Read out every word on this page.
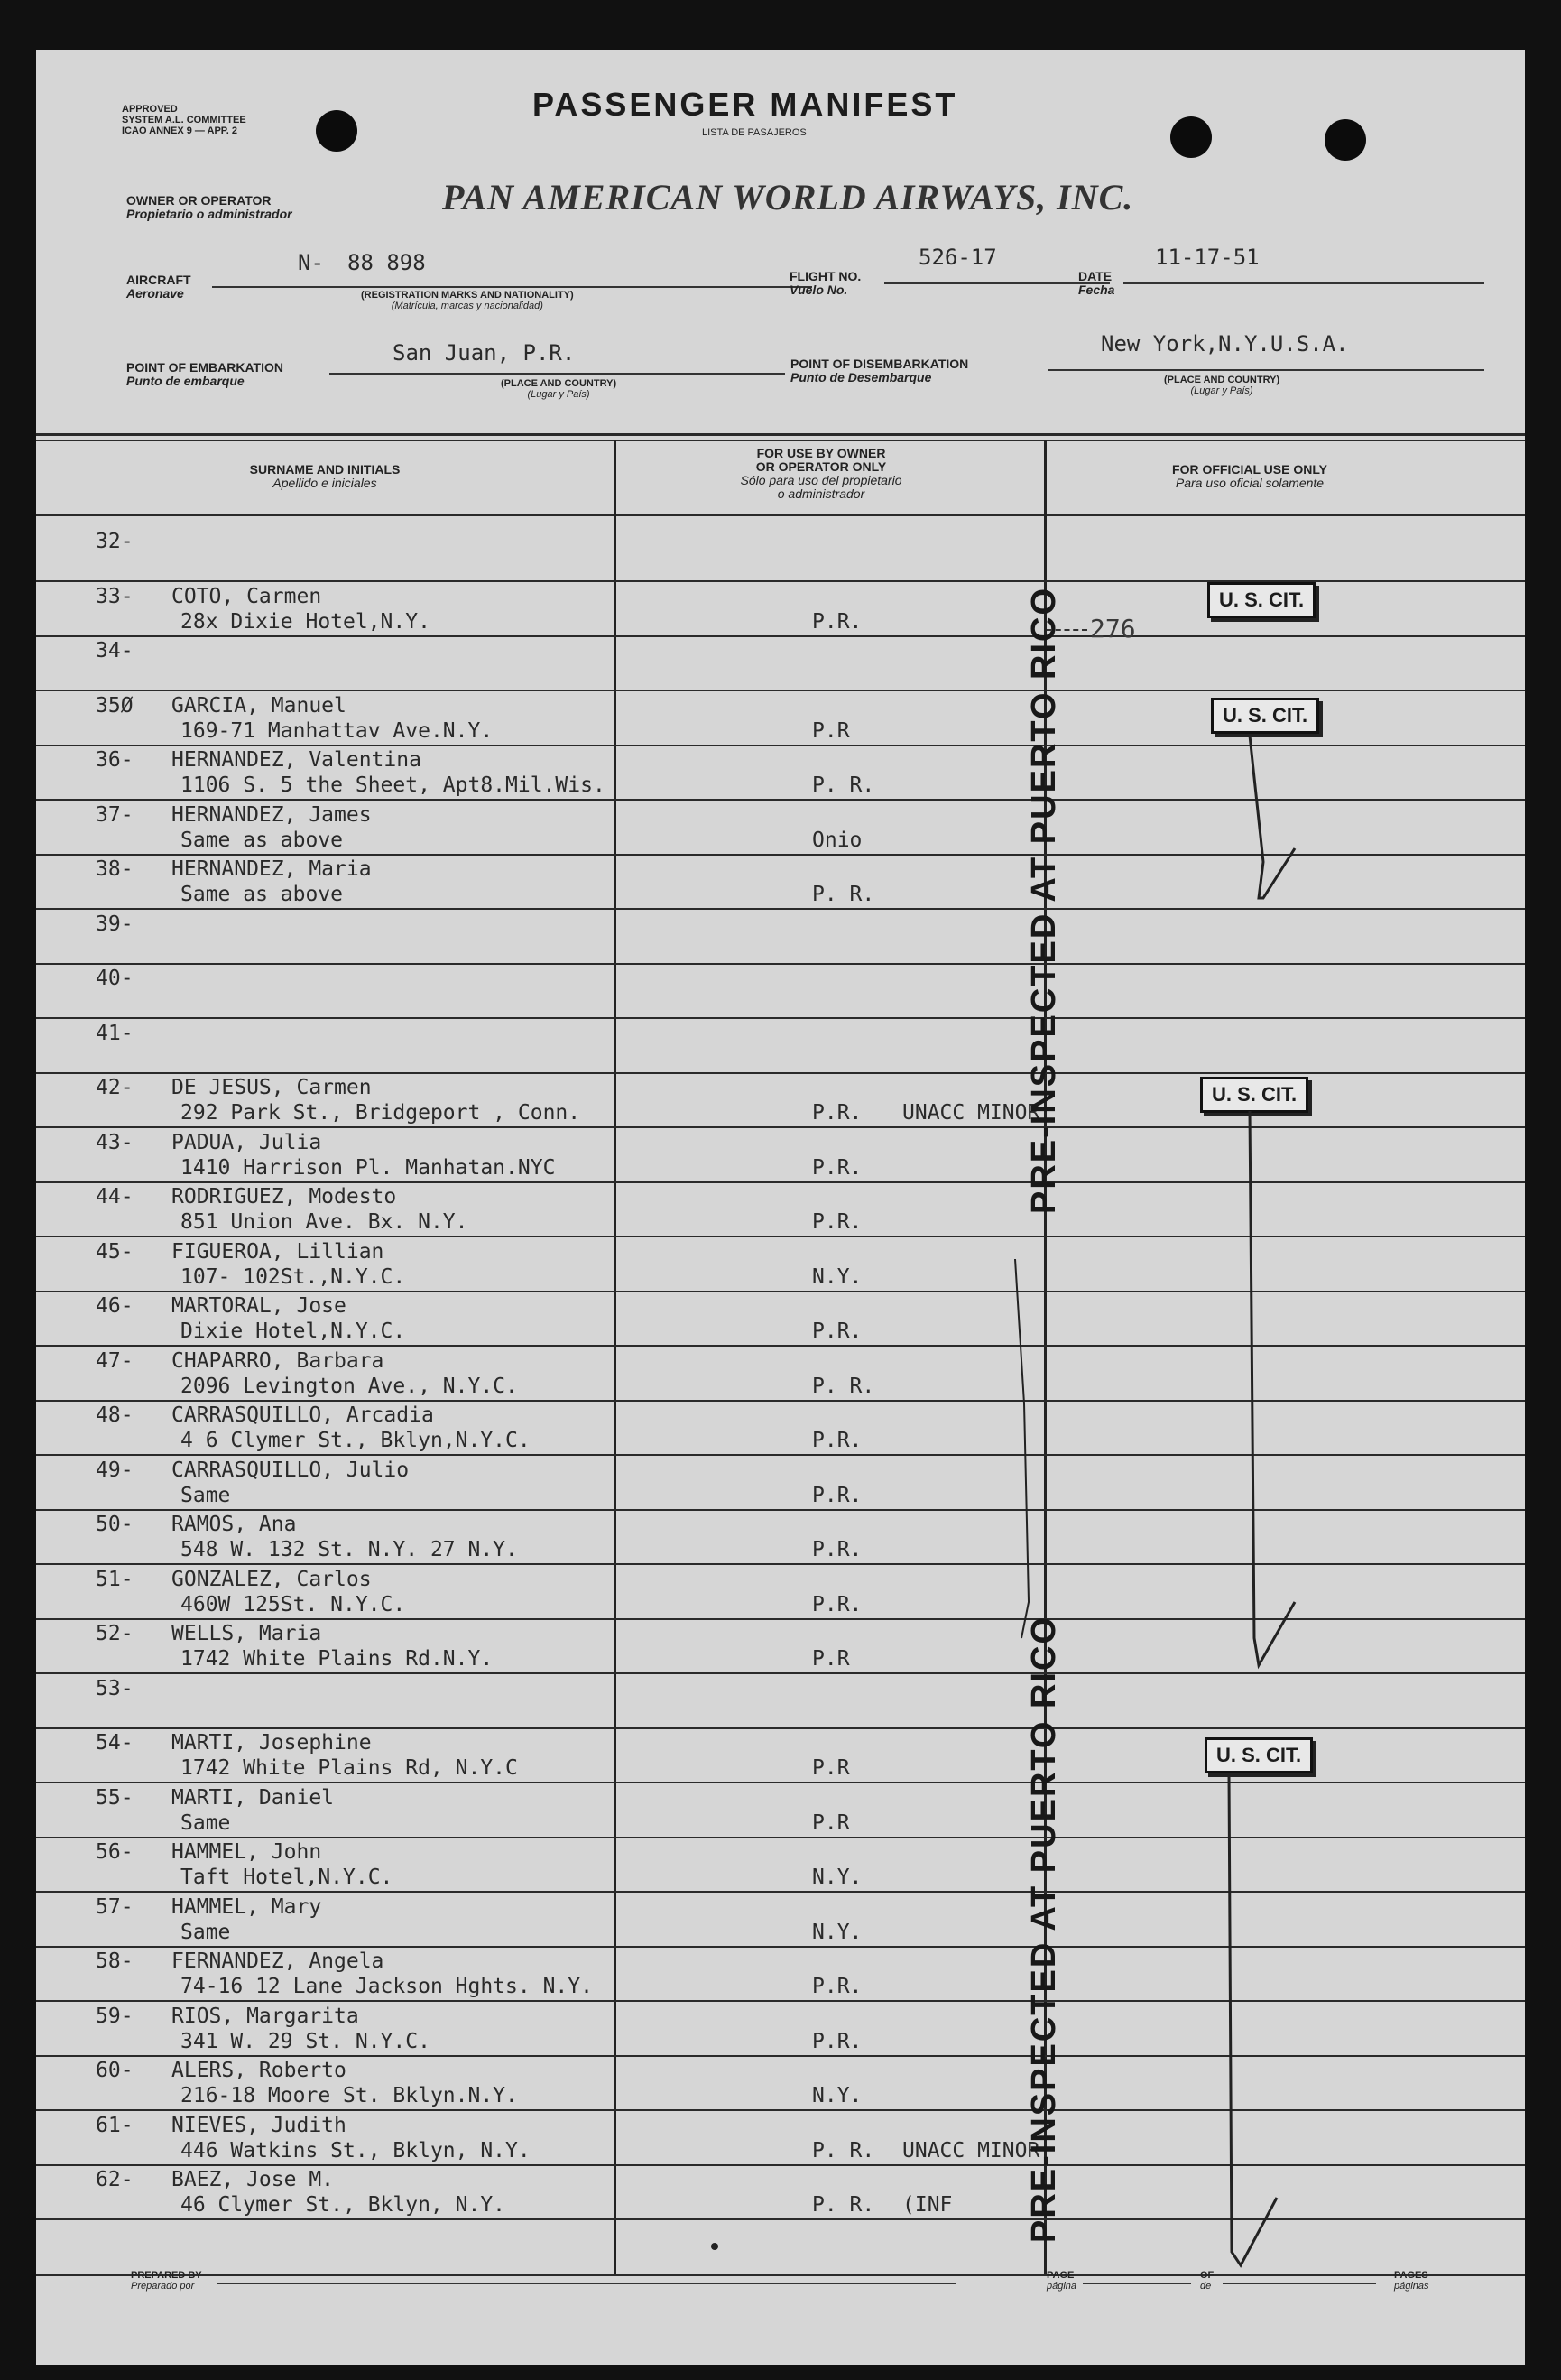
APPROVED
SYSTEM A.L. COMMITTEE
ICAO ANNEX 9 — APP. 2
PASSENGER MANIFEST
LISTA DE PASAJEROS
OWNER OR OPERATOR
Propietario o administrador	PAN AMERICAN WORLD AIRWAYS, INC.
AIRCRAFT
Aeronave
N- 88 898
(REGISTRATION MARKS AND NATIONALITY)
(Matrícula, marcas y nacionalidad)
FLIGHT NO.
Vuelo No.
526-17
DATE
Fecha
11-17-51
POINT OF EMBARKATION
Punto de embarque
San Juan, P.R.
(PLACE AND COUNTRY)
(Lugar y País)
POINT OF DISEMBARKATION
Punto de Desembarque
New York,N.Y.U.S.A.
(PLACE AND COUNTRY)
(Lugar y País)
SURNAME AND INITIALS
Apellido e iniciales
FOR USE BY OWNER
OR OPERATOR ONLY
Sólo para uso del propietario
o administrador
FOR OFFICIAL USE ONLY
Para uso oficial solamente
32-
33- COTO, Carmen
28x Dixie Hotel,N.Y.	P.R.
34-
35Ø GARCIA, Manuel
169-71 Manhattav Ave.N.Y.	P.R
36- HERNANDEZ, Valentina
1106 S. 5 the Sheet, Apt8.Mil.Wis.	P. R.
37- HERNANDEZ, James
Same as above	Onio
38- HERNANDEZ, Maria
Same as above	P. R.
39-
40-
41-
42- DE JESUS, Carmen
292 Park St., Bridgeport , Conn.	P.R. UNACC MINOR
43- PADUA, Julia
1410 Harrison Pl. Manhatan.NYC	P.R.
44- RODRIGUEZ, Modesto
851 Union Ave. Bx. N.Y.	P.R.
45- FIGUEROA, Lillian
107- 102St.,N.Y.C.	N.Y.
46- MARTORAL, Jose
Dixie Hotel,N.Y.C.	P.R.
47- CHAPARRO, Barbara
2096 Levington Ave., N.Y.C.	P. R.
48- CARRASQUILLO, Arcadia
4 6 Clymer St., Bklyn,N.Y.C.	P.R.
49- CARRASQUILLO, Julio
Same	P.R.
50- RAMOS, Ana
548 W. 132 St. N.Y. 27 N.Y.	P.R.
51- GONZALEZ, Carlos
460W 125St. N.Y.C.	P.R.
52- WELLS, Maria
1742 White Plains Rd.N.Y.	P.R
53-
54- MARTI, Josephine
1742 White Plains Rd, N.Y.C	P.R
55- MARTI, Daniel
Same	P.R
56- HAMMEL, John
Taft Hotel,N.Y.C.	N.Y.
57- HAMMEL, Mary
Same	N.Y.
58- FERNANDEZ, Angela
74-16 12 Lane Jackson Hghts. N.Y.	P.R.
59- RIOS, Margarita
341 W. 29 St. N.Y.C.	P.R.
60- ALERS, Roberto
216-18 Moore St. Bklyn.N.Y.	N.Y.
61- NIEVES, Judith
446 Watkins St., Bklyn, N.Y.	P. R. UNACC MINOR
62- BAEZ, Jose M.
46 Clymer St., Bklyn, N.Y.	P. R. (INF
PRE-INSPECTED AT PUERTO RICO
PRE-INSPECTED AT PUERTO RICO
U. S. CIT.
U. S. CIT.
U. S. CIT.
U. S. CIT.
276
PREPARED BY
Preparado por
PAGE
página
OF
de
PAGES
páginas
